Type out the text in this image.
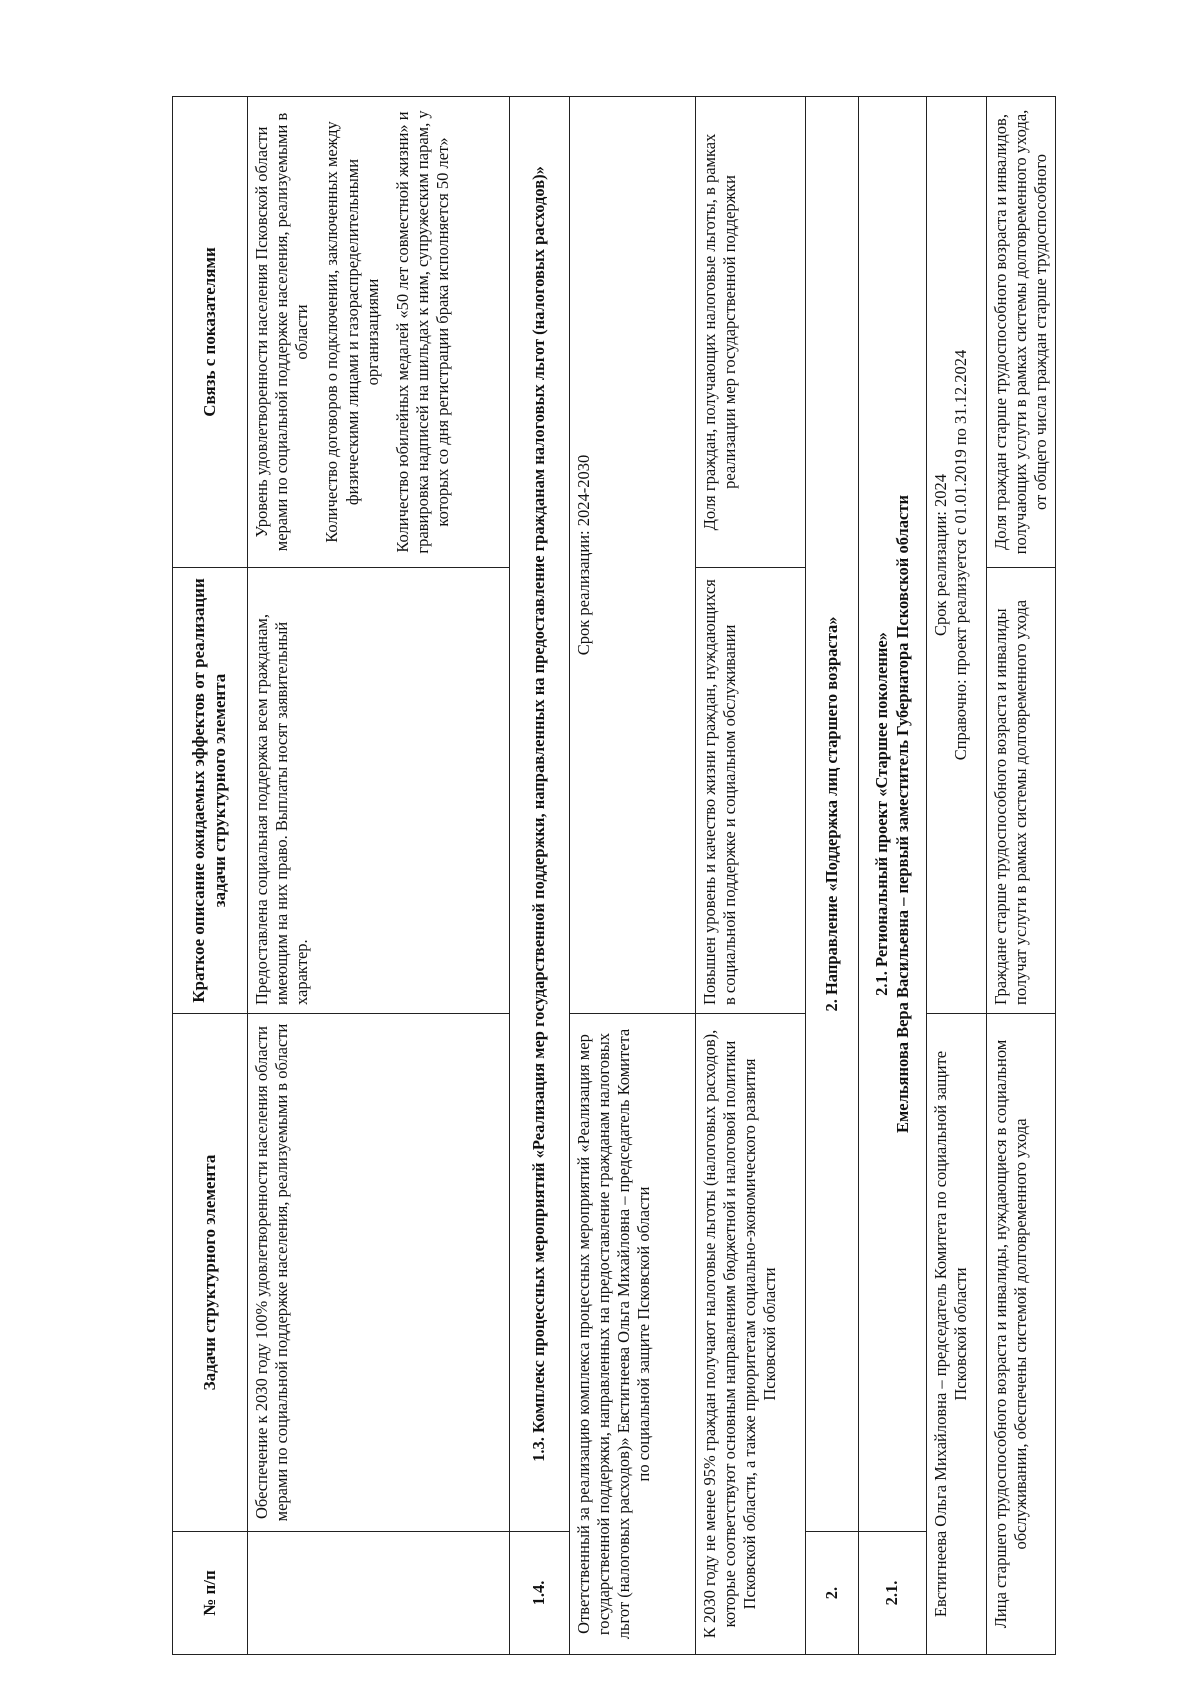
№ п/п	Задачи структурного элемента	Краткое описание ожидаемых эффектов от реализации задачи структурного элемента	Связь с показателями
	Обеспечение к 2030 году 100% удовлетворенности населения области мерами по социальной поддержке населения, реализуемыми в области	Предоставлена социальная поддержка всем гражданам, имеющим на них право. Выплаты носят заявительный характер.	Уровень удовлетворенности населения Псковской области мерами по социальной поддержке населения, реализуемыми в области Количество договоров о подключении, заключенных между физическими лицами и газораспределительными организациями Количество юбилейных медалей «50 лет совместной жизни» и гравировка надписей на шильдах к ним, супружеским парам, у которых со дня регистрации брака исполняется 50 лет»

1.4.	1.3. Комплекс процессных мероприятий «Реализация мер государственной поддержки, направленных на предоставление гражданам налоговых льгот (налоговых расходов)»		
Ответственный за реализацию комплекса процессных мероприятий «Реализация мер государственной поддержки, направленных на предоставление гражданам налоговых льгот (налоговых расходов)» Евстигнеева Ольга Михайловна – председатель Комитета по социальной защите Псковской области		Срок реализации: 2024-2030	
К 2030 году не менее 95% граждан получают налоговые льготы (налоговых расходов), которые соответствуют основным направлениям бюджетной и налоговой политики Псковской области, а также приоритетам социально-экономического развития Псковской области		Повышен уровень и качество жизни граждан, нуждающихся в социальной поддержке и социальном обслуживании	Доля граждан, получающих налоговые льготы, в рамках реализации мер государственной поддержки
2.	2. Направление «Поддержка лиц старшего возраста»		
2.1.	2.1. Региональный проект «Старшее поколение» Емельянова Вера Васильевна – первый заместитель Губернатора Псковской области		

Евстигнеева Ольга Михайловна – председатель Комитета по социальной защите Псковской области		Срок реализации: 2024 Справочно: проект реализуется с 01.01.2019 по 31.12.2024	

Лица старшего трудоспособного возраста и инвалиды, нуждающиеся в социальном обслуживании, обеспечены системой долговременного ухода		Граждане старше трудоспособного возраста и инвалиды получат услуги в рамках системы долговременного ухода	Доля граждан старше трудоспособного возраста и инвалидов, получающих услуги в рамках системы долговременного ухода, от общего числа граждан старше трудоспособного
